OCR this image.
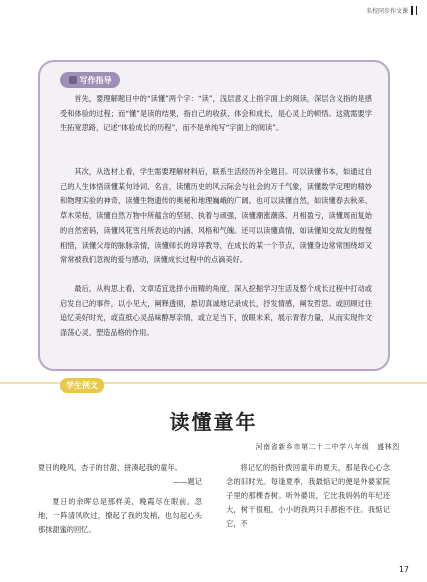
名校同步作文课
写作指导

首先，要理解题目中的“读懂”两个字：“读”，浅层意义上指字面上的阅读，深层含义指的是感受和体验的过程；而“懂”是读的结果，指自己的收获、体会和成长，是心灵上的顿悟。这就需要学生拓宽思路，记述“体验成长的历程”，而不是单纯写“字面上的阅读”。

其次，从选材上看，学生需要理解材料后，联系生活经历补全题目。可以读懂书本，如通过自己的人生体悟读懂某句诗词、名言，读懂历史的风云际会与社会的万千气象，读懂数学定理的精妙和物理实验的神奇，读懂生物遗传的奥秘和地理巍峨的广阔。也可以读懂自然，如读懂春去秋来、草木荣枯，读懂自然万物中所蕴含的坚韧、执着与顽强，读懂潮涨潮落、月相盈亏，读懂周而复始的自然密码，读懂风花雪月所表达的内涵、风格和气魄。还可以读懂真情，如读懂知交故友的惺惺相惜，读懂父母的脉脉亲情，读懂师长的谆谆教导，在成长的某一个节点，读懂身边常常围绕却又常常被我们忽视的爱与感动，读懂成长过程中的点滴美好。

最后，从构思上看，文章适宜选择小而精的角度，深入挖掘学习生活及整个成长过程中打动或启发自己的事件，以小见大，阐释透彻，悬切真诚地记录成长，抒发情感，阐发哲思。或回顾过往追忆美好时光，或直抵心灵品味醇厚亲情，或立足当下，放眼未来，展示青春力量，从而实现作文涤荡心灵、塑造品格的作用。

学生例文
读懂童年
河南省新乡市第二十二中学八年级　盛林烈

夏日的晚风，杏子的甘甜，拼凑起我的童年。

——题记

夏日的余晖总是那样美，晚霞尽在眼前。忽地，一阵清风吹过，撩起了我的发梢，也勾起心头那抹甜蜜的回忆。

将记忆的指针拨回童年的夏天，那是我心心念念的旧时光。每逢夏季，我最惦记的便是外婆家院子里的那棵杏树。听外婆说，它比我妈妈的年纪还大，树干很粗，小小的我两只手都抱不住。我惦记它，不

17
